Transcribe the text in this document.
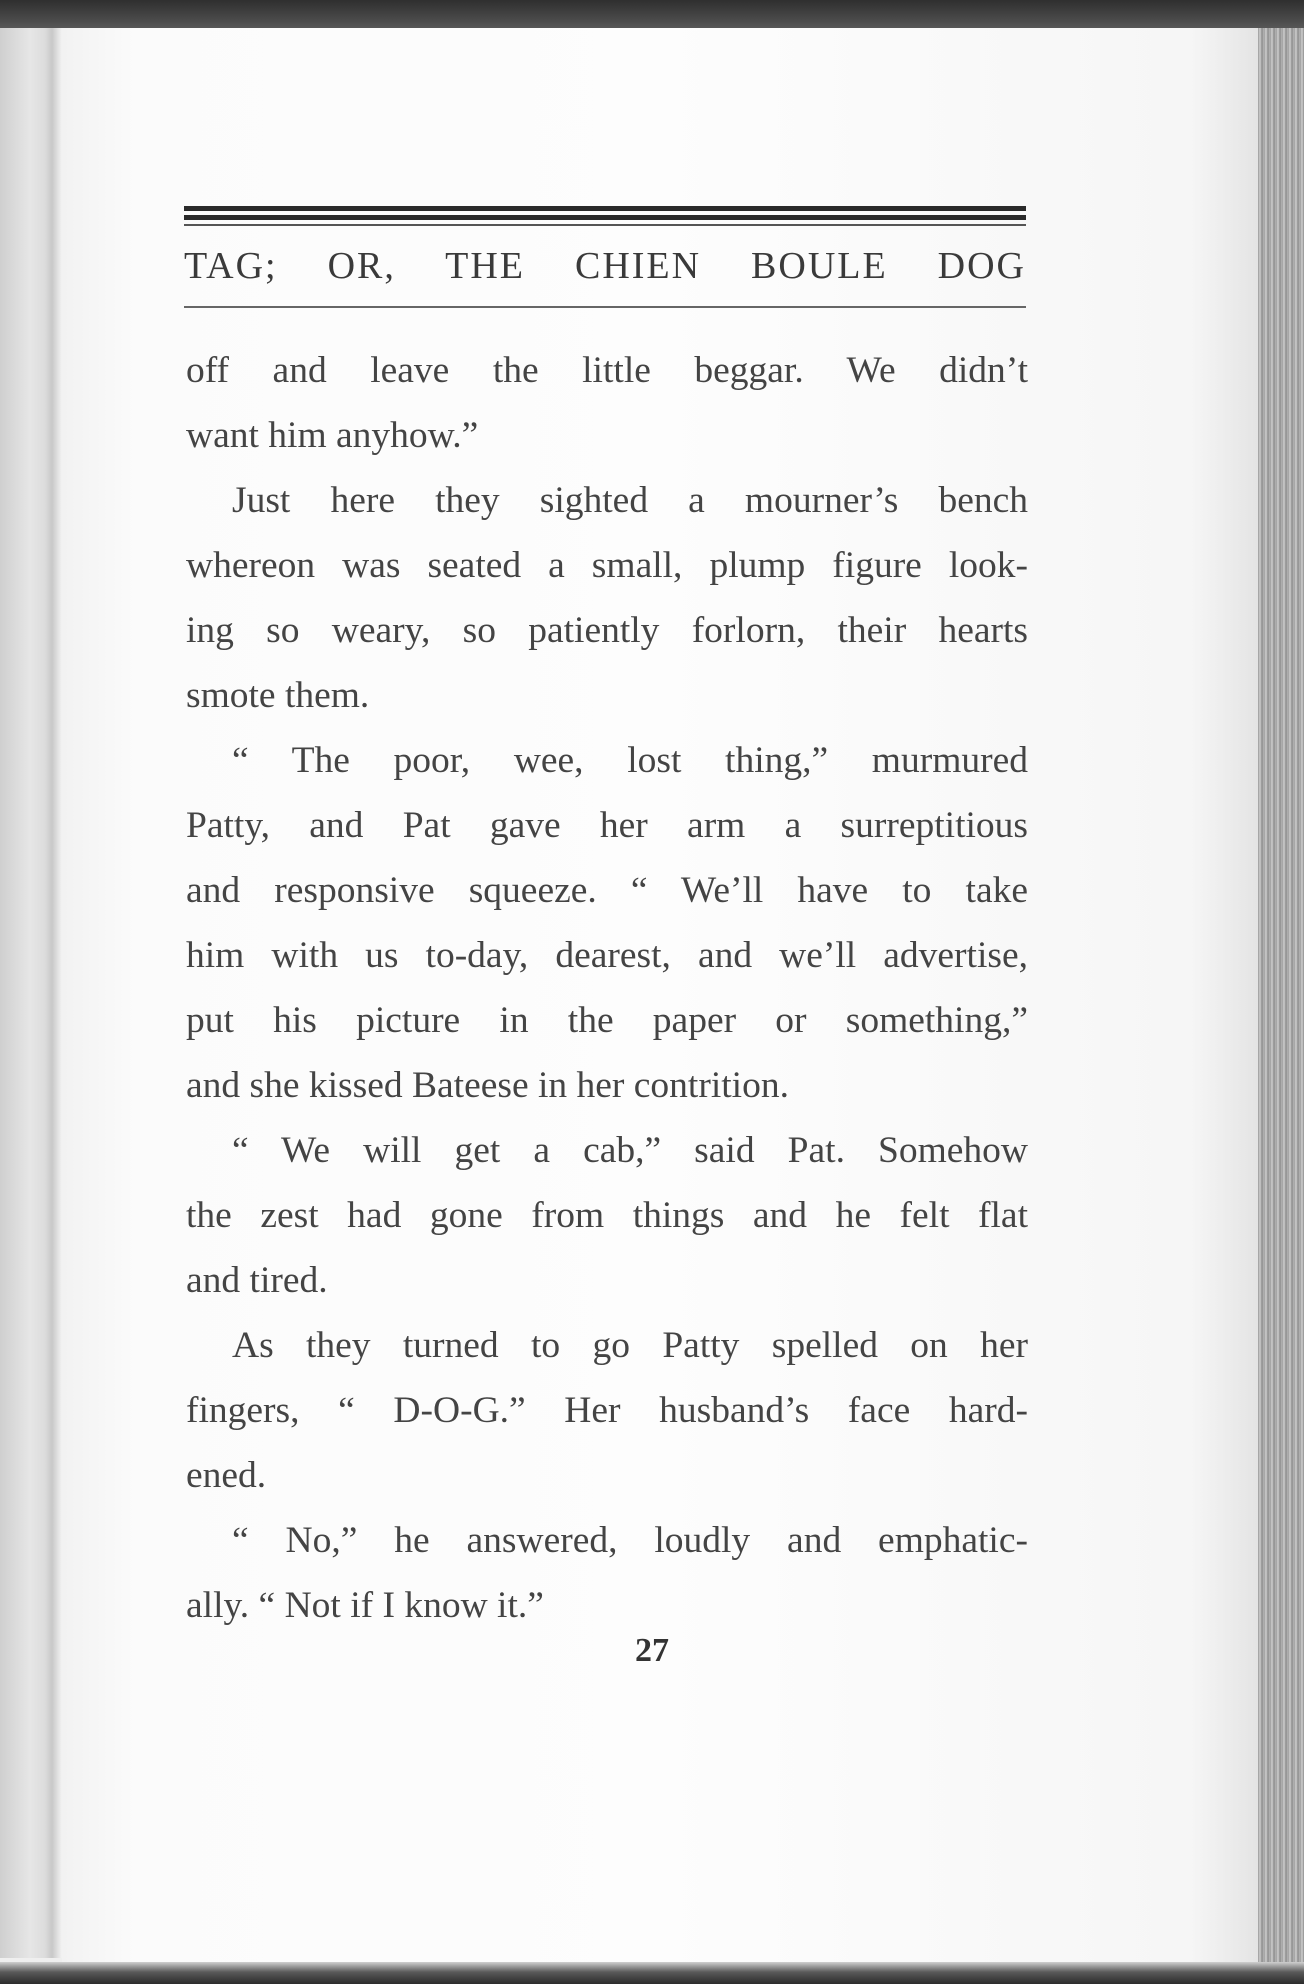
TAG; OR, THE CHIEN BOULE DOG
off and leave the little beggar. We didn’t
want him anyhow.”
Just here they sighted a mourner’s bench
whereon was seated a small, plump figure look-
ing so weary, so patiently forlorn, their hearts
smote them.
“ The poor, wee, lost thing,” murmured
Patty, and Pat gave her arm a surreptitious
and responsive squeeze. “ We’ll have to take
him with us to-day, dearest, and we’ll advertise,
put his picture in the paper or something,”
and she kissed Bateese in her contrition.
“ We will get a cab,” said Pat. Somehow
the zest had gone from things and he felt flat
and tired.
As they turned to go Patty spelled on her
fingers, “ D-O-G.” Her husband’s face hard-
ened.
“ No,” he answered, loudly and emphatic-
ally. “ Not if I know it.”
27
